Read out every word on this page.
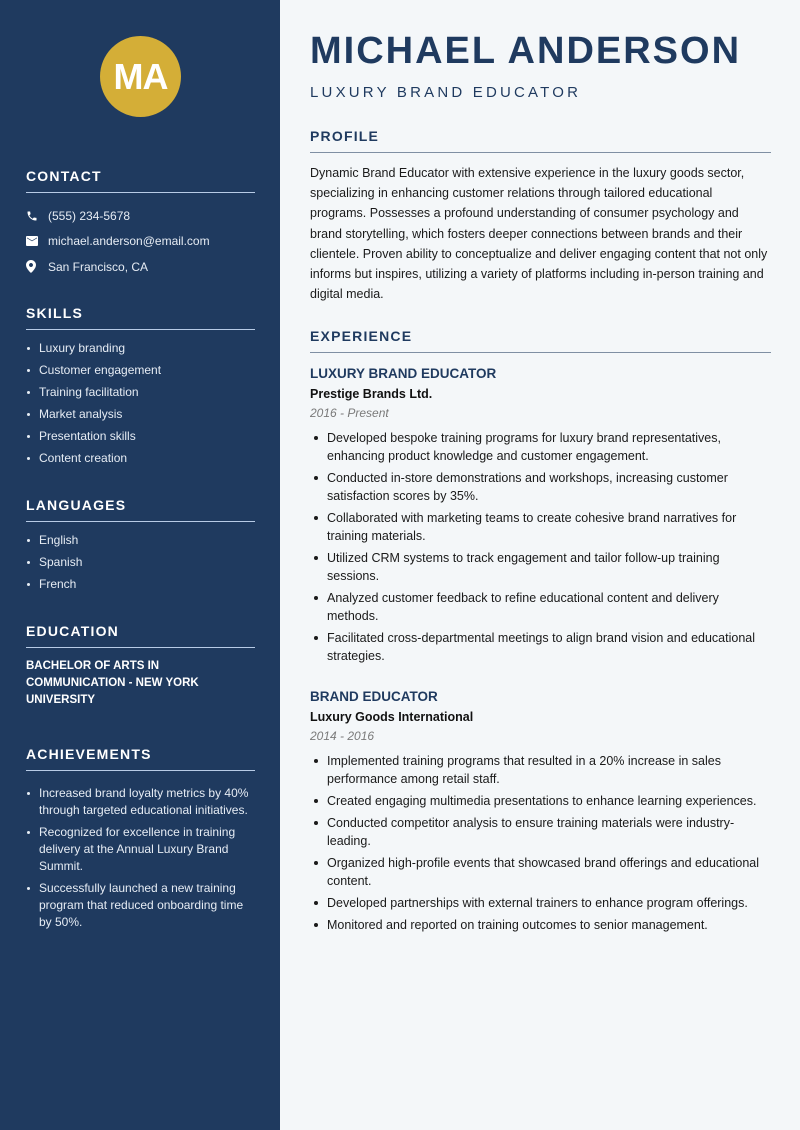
MA
CONTACT
(555) 234-5678
michael.anderson@email.com
San Francisco, CA
SKILLS
Luxury branding
Customer engagement
Training facilitation
Market analysis
Presentation skills
Content creation
LANGUAGES
English
Spanish
French
EDUCATION
BACHELOR OF ARTS IN COMMUNICATION - NEW YORK UNIVERSITY
ACHIEVEMENTS
Increased brand loyalty metrics by 40% through targeted educational initiatives.
Recognized for excellence in training delivery at the Annual Luxury Brand Summit.
Successfully launched a new training program that reduced onboarding time by 50%.
MICHAEL ANDERSON
LUXURY BRAND EDUCATOR
PROFILE

Dynamic Brand Educator with extensive experience in the luxury goods sector, specializing in enhancing customer relations through tailored educational programs. Possesses a profound understanding of consumer psychology and brand storytelling, which fosters deeper connections between brands and their clientele. Proven ability to conceptualize and deliver engaging content that not only informs but inspires, utilizing a variety of platforms including in-person training and digital media.

EXPERIENCE
LUXURY BRAND EDUCATOR
Prestige Brands Ltd.
2016 - Present
Developed bespoke training programs for luxury brand representatives, enhancing product knowledge and customer engagement.
Conducted in-store demonstrations and workshops, increasing customer satisfaction scores by 35%.
Collaborated with marketing teams to create cohesive brand narratives for training materials.
Utilized CRM systems to track engagement and tailor follow-up training sessions.
Analyzed customer feedback to refine educational content and delivery methods.
Facilitated cross-departmental meetings to align brand vision and educational strategies.
BRAND EDUCATOR
Luxury Goods International
2014 - 2016
Implemented training programs that resulted in a 20% increase in sales performance among retail staff.
Created engaging multimedia presentations to enhance learning experiences.
Conducted competitor analysis to ensure training materials were industry-leading.
Organized high-profile events that showcased brand offerings and educational content.
Developed partnerships with external trainers to enhance program offerings.
Monitored and reported on training outcomes to senior management.
